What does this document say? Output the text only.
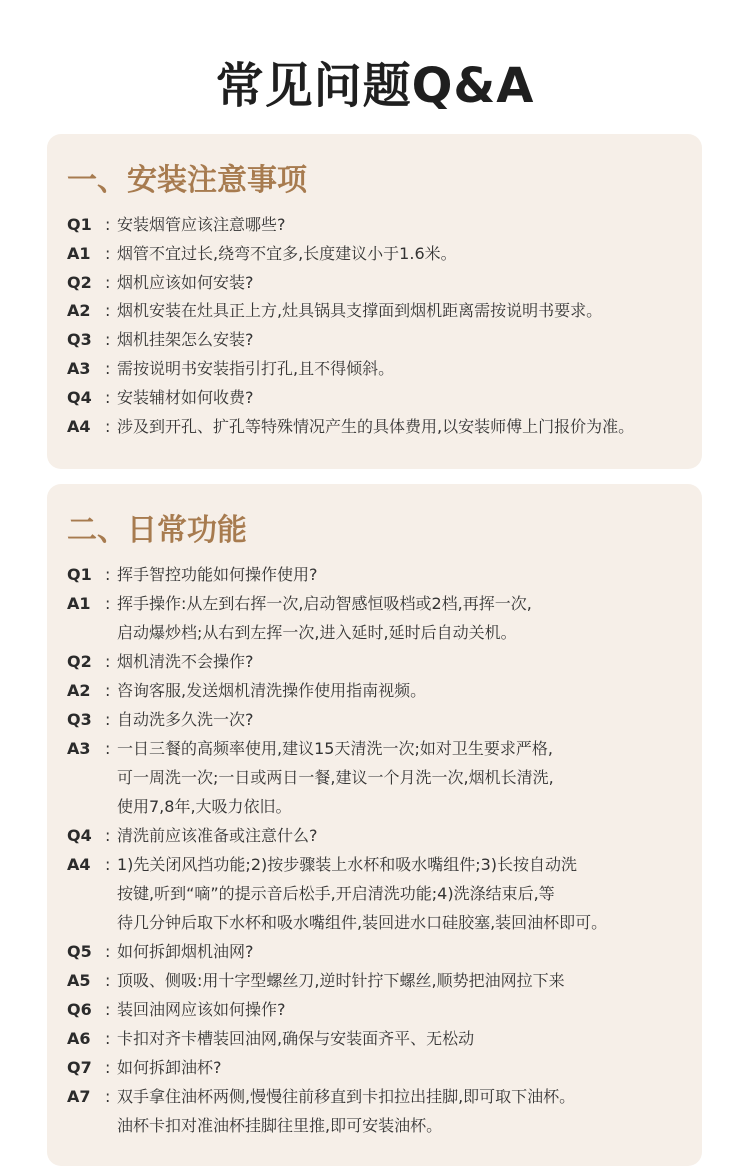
常见问题Q&A
一、安装注意事项
Q1 : 安装烟管应该注意哪些?
A1 : 烟管不宜过长,绕弯不宜多,长度建议小于1.6米。
Q2 : 烟机应该如何安装?
A2 : 烟机安装在灶具正上方,灶具锅具支撑面到烟机距离需按说明书要求。
Q3 : 烟机挂架怎么安装?
A3 : 需按说明书安装指引打孔,且不得倾斜。
Q4 : 安装辅材如何收费?
A4 : 涉及到开孔、扩孔等特殊情况产生的具体费用,以安装师傅上门报价为准。
二、日常功能
Q1 : 挥手智控功能如何操作使用?
A1 : 挥手操作:从左到右挥一次,启动智感恒吸档或2档,再挥一次,
启动爆炒档;从右到左挥一次,进入延时,延时后自动关机。
Q2 : 烟机清洗不会操作?
A2 : 咨询客服,发送烟机清洗操作使用指南视频。
Q3 : 自动洗多久洗一次?
A3 : 一日三餐的高频率使用,建议15天清洗一次;如对卫生要求严格,
可一周洗一次;一日或两日一餐,建议一个月洗一次,烟机长清洗,
使用7,8年,大吸力依旧。
Q4 : 清洗前应该准备或注意什么?
A4 : 1)先关闭风挡功能;2)按步骤装上水杯和吸水嘴组件;3)长按自动洗
按键,听到“嘀”的提示音后松手,开启清洗功能;4)洗涤结束后,等
待几分钟后取下水杯和吸水嘴组件,装回进水口硅胶塞,装回油杯即可。
Q5 : 如何拆卸烟机油网?
A5 : 顶吸、侧吸:用十字型螺丝刀,逆时针拧下螺丝,顺势把油网拉下来
Q6 : 装回油网应该如何操作?
A6 : 卡扣对齐卡槽装回油网,确保与安装面齐平、无松动
Q7 : 如何拆卸油杯?
A7 : 双手拿住油杯两侧,慢慢往前移直到卡扣拉出挂脚,即可取下油杯。
油杯卡扣对准油杯挂脚往里推,即可安装油杯。
